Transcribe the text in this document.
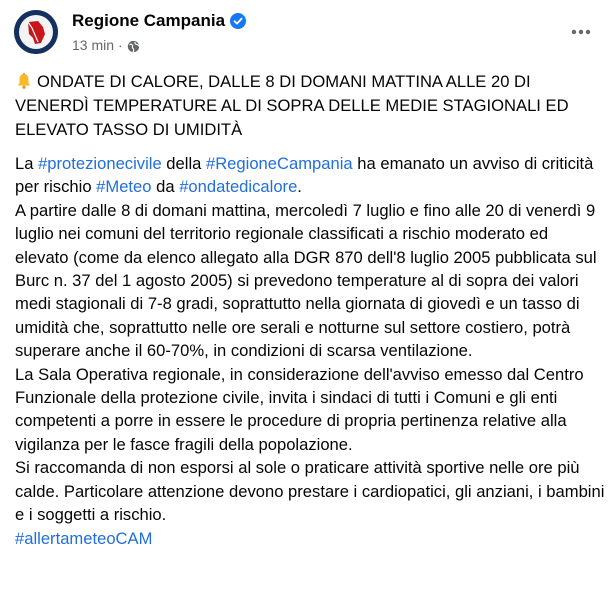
Regione Campania
13 min ·
ONDATE DI CALORE, DALLE 8 DI DOMANI MATTINA ALLE 20 DI VENERDÌ TEMPERATURE AL DI SOPRA DELLE MEDIE STAGIONALI ED ELEVATO TASSO DI UMIDITÀ

La #protezionecivile della #RegioneCampania ha emanato un avviso di criticità per rischio #Meteo da #ondatedicalore.

A partire dalle 8 di domani mattina, mercoledì 7 luglio e fino alle 20 di venerdì 9 luglio nei comuni del territorio regionale classificati a rischio moderato ed elevato (come da elenco allegato alla DGR 870 dell'8 luglio 2005 pubblicata sul Burc n. 37 del 1 agosto 2005) si prevedono temperature al di sopra dei valori medi stagionali di 7-8 gradi, soprattutto nella giornata di giovedì e un tasso di umidità che, soprattutto nelle ore serali e notturne sul settore costiero, potrà superare anche il 60-70%, in condizioni di scarsa ventilazione.

La Sala Operativa regionale, in considerazione dell'avviso emesso dal Centro Funzionale della protezione civile, invita i sindaci di tutti i Comuni e gli enti competenti a porre in essere le procedure di propria pertinenza relative alla vigilanza per le fasce fragili della popolazione.

Si raccomanda di non esporsi al sole o praticare attività sportive nelle ore più calde. Particolare attenzione devono prestare i cardiopatici, gli anziani, i bambini e i soggetti a rischio.

#allertameteoCAM
